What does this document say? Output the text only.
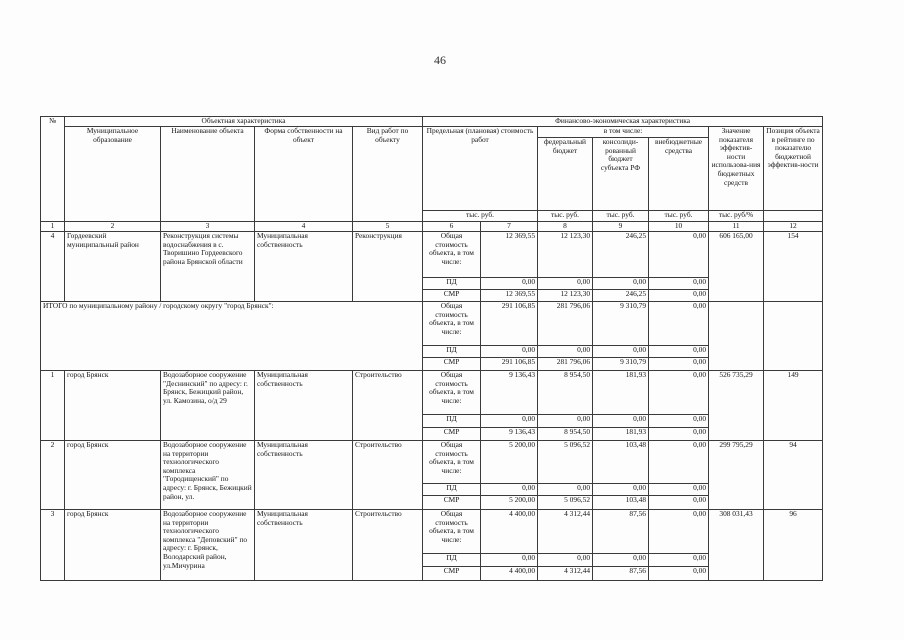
46
№	Объектная характеристика				Финансово-экономическая характеристика						
	Муниципальное образование	Наименование объекта	Форма собственности на объект	Вид работ по объекту	Предельная (плановая) стоимость работ		в том числе:			Значение показателя эффектив-ности использова-ния бюджетных средств	Позиция объекта в рейтинге по показателю бюджетной эффектив-ности
							федеральный бюджет	консолиди-рованный бюджет субъекта РФ	внебюджетные средства		
					тыс. руб.		тыс. руб.	тыс. руб.	тыс. руб.	тыс. руб/%	
1	2	3	4	5	6	7	8	9	10	11	12
4	Гордеевский муниципальный район	Реконструкция системы водоснабжения в с. Творишино Гордеевского района Брянской области	Муниципальная собственность	Реконструкция	Общая стоимость объекта, в том числе:	12 369,55	12 123,30	246,25	0,00	606 165,00	154
					ПД	0,00	0,00	0,00	0,00		
					СМР	12 369,55	12 123,30	246,25	0,00		
ИТОГО по муниципальному району / городскому округу "город Брянск":					Общая стоимость объекта, в том числе:	291 106,85	281 796,06	9 310,79	0,00		
					ПД	0,00	0,00	0,00	0,00		
					СМР	291 106,85	281 796,06	9 310,79	0,00		
1	город Брянск	Водозаборное сооружение "Деснинский" по адресу: г. Брянск, Бежицкий район, ул. Камозина, о/д 29	Муниципальная собственность	Строительство	Общая стоимость объекта, в том числе:	9 136,43	8 954,50	181,93	0,00	526 735,29	149
					ПД	0,00	0,00	0,00	0,00		
					СМР	9 136,43	8 954,50	181,93	0,00		
2	город Брянск	Водозаборное сооружение на территории технологического комплекса "Городищенский" по адресу: г. Брянск, Бежицкий район, ул.	Муниципальная собственность	Строительство	Общая стоимость объекта, в том числе:	5 200,00	5 096,52	103,48	0,00	299 795,29	94
					ПД	0,00	0,00	0,00	0,00		
					СМР	5 200,00	5 096,52	103,48	0,00		
3	город Брянск	Водозаборное сооружение на территории технологического комплекса "Деповский" по адресу: г. Брянск, Володарский район, ул.Мичурина	Муниципальная собственность	Строительство	Общая стоимость объекта, в том числе:	4 400,00	4 312,44	87,56	0,00	308 031,43	96
					ПД	0,00	0,00	0,00	0,00		
					СМР	4 400,00	4 312,44	87,56	0,00		
